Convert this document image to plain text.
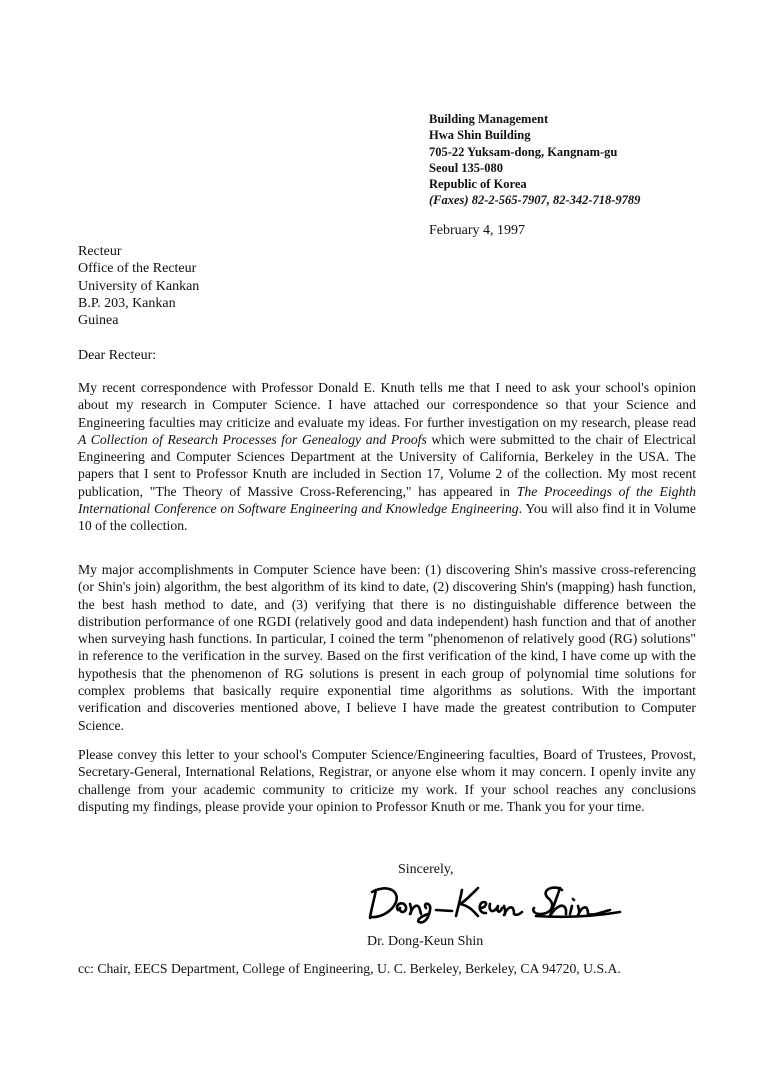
Building Management
Hwa Shin Building
705-22 Yuksam-dong, Kangnam-gu
Seoul 135-080
Republic of Korea
(Faxes) 82-2-565-7907, 82-342-718-9789
February 4, 1997
Recteur
Office of the Recteur
University of Kankan
B.P. 203, Kankan
Guinea
Dear Recteur:

My recent correspondence with Professor Donald E. Knuth tells me that I need to ask your school's opinion about my research in Computer Science. I have attached our correspondence so that your Science and Engineering faculties may criticize and evaluate my ideas. For further investigation on my research, please read A Collection of Research Processes for Genealogy and Proofs which were submitted to the chair of Electrical Engineering and Computer Sciences Department at the University of California, Berkeley in the USA. The papers that I sent to Professor Knuth are included in Section 17, Volume 2 of the collection. My most recent publication, "The Theory of Massive Cross-Referencing," has appeared in The Proceedings of the Eighth International Conference on Software Engineering and Knowledge Engineering. You will also find it in Volume 10 of the collection.

My major accomplishments in Computer Science have been: (1) discovering Shin's massive cross-referencing (or Shin's join) algorithm, the best algorithm of its kind to date, (2) discovering Shin's (mapping) hash function, the best hash method to date, and (3) verifying that there is no distinguishable difference between the distribution performance of one RGDI (relatively good and data independent) hash function and that of another when surveying hash functions. In particular, I coined the term "phenomenon of relatively good (RG) solutions" in reference to the verification in the survey. Based on the first verification of the kind, I have come up with the hypothesis that the phenomenon of RG solutions is present in each group of polynomial time solutions for complex problems that basically require exponential time algorithms as solutions. With the important verification and discoveries mentioned above, I believe I have made the greatest contribution to Computer Science.

Please convey this letter to your school's Computer Science/Engineering faculties, Board of Trustees, Provost, Secretary-General, International Relations, Registrar, or anyone else whom it may concern. I openly invite any challenge from your academic community to criticize my work. If your school reaches any conclusions disputing my findings, please provide your opinion to Professor Knuth or me. Thank you for your time.

Sincerely,
Dr. Dong-Keun Shin
cc: Chair, EECS Department, College of Engineering, U. C. Berkeley, Berkeley, CA 94720, U.S.A.
